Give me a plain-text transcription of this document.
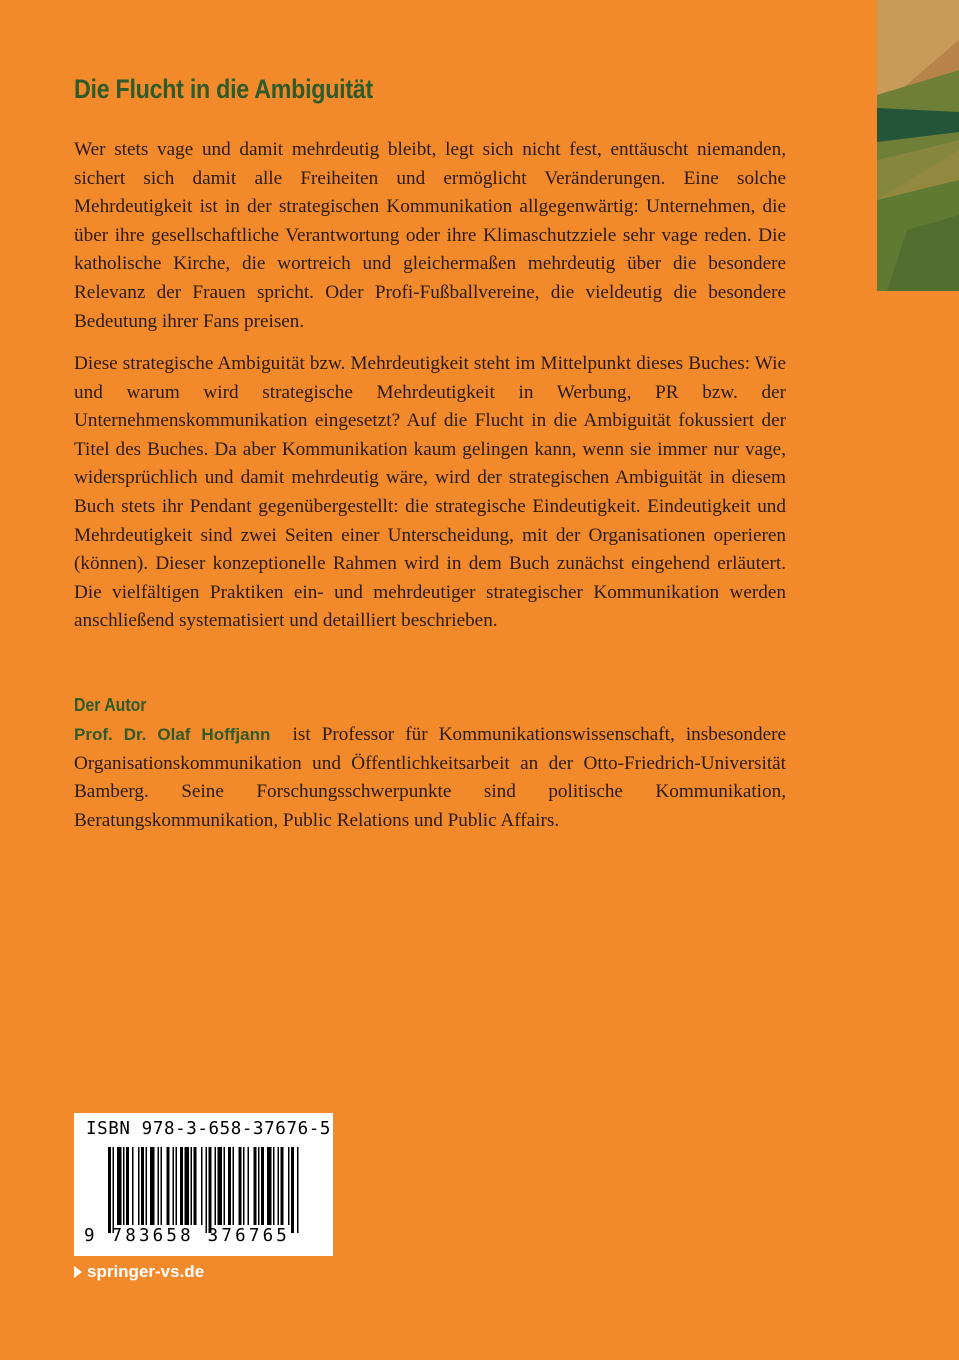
Die Flucht in die Ambiguität

Wer stets vage und damit mehrdeutig bleibt, legt sich nicht fest, enttäuscht niemanden, sichert sich damit alle Freiheiten und ermöglicht Veränderungen. Eine solche Mehrdeutigkeit ist in der strategischen Kommunikation allgegenwärtig: Unternehmen, die über ihre gesellschaftliche Verantwortung oder ihre Klimaschutzziele sehr vage reden. Die katholische Kirche, die wortreich und gleichermaßen mehrdeutig über die besondere Relevanz der Frauen spricht. Oder Profi-Fußballvereine, die vieldeutig die besondere Bedeutung ihrer Fans preisen.

Diese strategische Ambiguität bzw. Mehrdeutigkeit steht im Mittelpunkt dieses Buches: Wie und warum wird strategische Mehrdeutigkeit in Werbung, PR bzw. der Unternehmenskommunikation eingesetzt? Auf die Flucht in die Ambiguität fokussiert der Titel des Buches. Da aber Kommunikation kaum gelingen kann, wenn sie immer nur vage, widersprüchlich und damit mehrdeutig wäre, wird der strategischen Ambiguität in diesem Buch stets ihr Pendant gegenübergestellt: die strategische Eindeutigkeit. Eindeutigkeit und Mehrdeutigkeit sind zwei Seiten einer Unterscheidung, mit der Organisationen operieren (können). Dieser konzeptionelle Rahmen wird in dem Buch zunächst eingehend erläutert. Die vielfältigen Praktiken ein- und mehrdeutiger strategischer Kommunikation werden anschließend systematisiert und detailliert beschrieben.

Der Autor

Prof. Dr. Olaf Hoffjann ist Professor für Kommunikationswissenschaft, insbesondere Organisationskommunikation und Öffentlichkeitsarbeit an der Otto-Friedrich-Universität Bamberg. Seine Forschungsschwerpunkte sind politische Kommunikation, Beratungskommunikation, Public Relations und Public Affairs.

ISBN 978-3-658-37676-5
9 783658 376765
springer-vs.de
